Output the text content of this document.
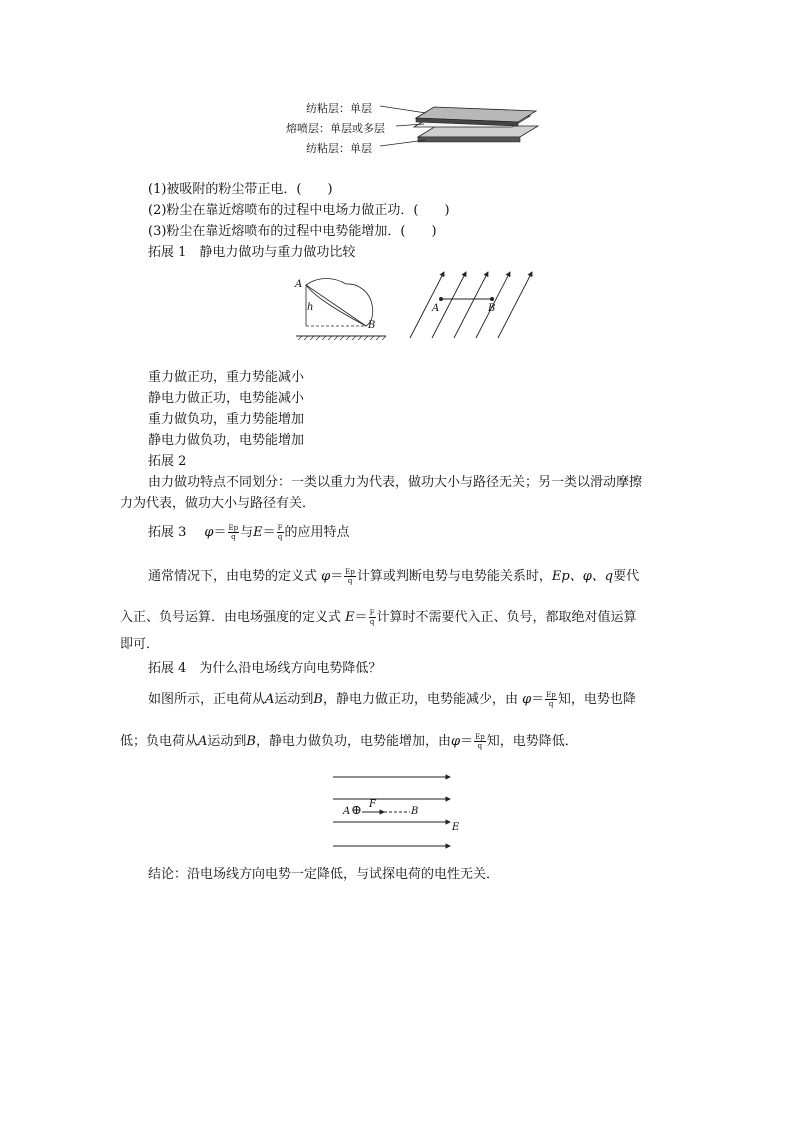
纺粘层：单层
熔喷层：单层或多层
纺粘层：单层
(1)被吸附的粉尘带正电．(　　)
(2)粉尘在靠近熔喷布的过程中电场力做正功．(　　)
(3)粉尘在靠近熔喷布的过程中电势能增加．(　　)
拓展 1　静电力做功与重力做功比较
A
B
h	A	B
重力做正功，重力势能减小
静电力做正功，电势能减小
重力做负功，重力势能增加
静电力做负功，电势能增加
拓展 2
由力做功特点不同划分：一类以重力为代表，做功大小与路径无关；另一类以滑动摩擦
力为代表，做功大小与路径有关．
拓展 3 $\varphi= \frac{Ep}{q}$ 与$E= \frac{F}{q}$ 的应用特点
通常情况下，由电势的定义式 $\varphi= \frac{Ep}{q}$ 计算或判断电势与电势能关系时，Ep、φ、q要代
入正、负号运算．由电场强度的定义式 $E= \frac{F}{q}$ 计算时不需要代入正、负号，都取绝对值运算
即可．
拓展 4　为什么沿电场线方向电势降低？
如图所示，正电荷从A运动到B，静电力做正功，电势能减少，由 $\varphi= \frac{Ep}{q}$ 知，电势也降
低；负电荷从A运动到B，静电力做负功，电势能增加，由$\varphi= \frac{Ep}{q}$ 知，电势降低．
A ⊕ F
B
E
结论：沿电场线方向电势一定降低，与试探电荷的电性无关．
